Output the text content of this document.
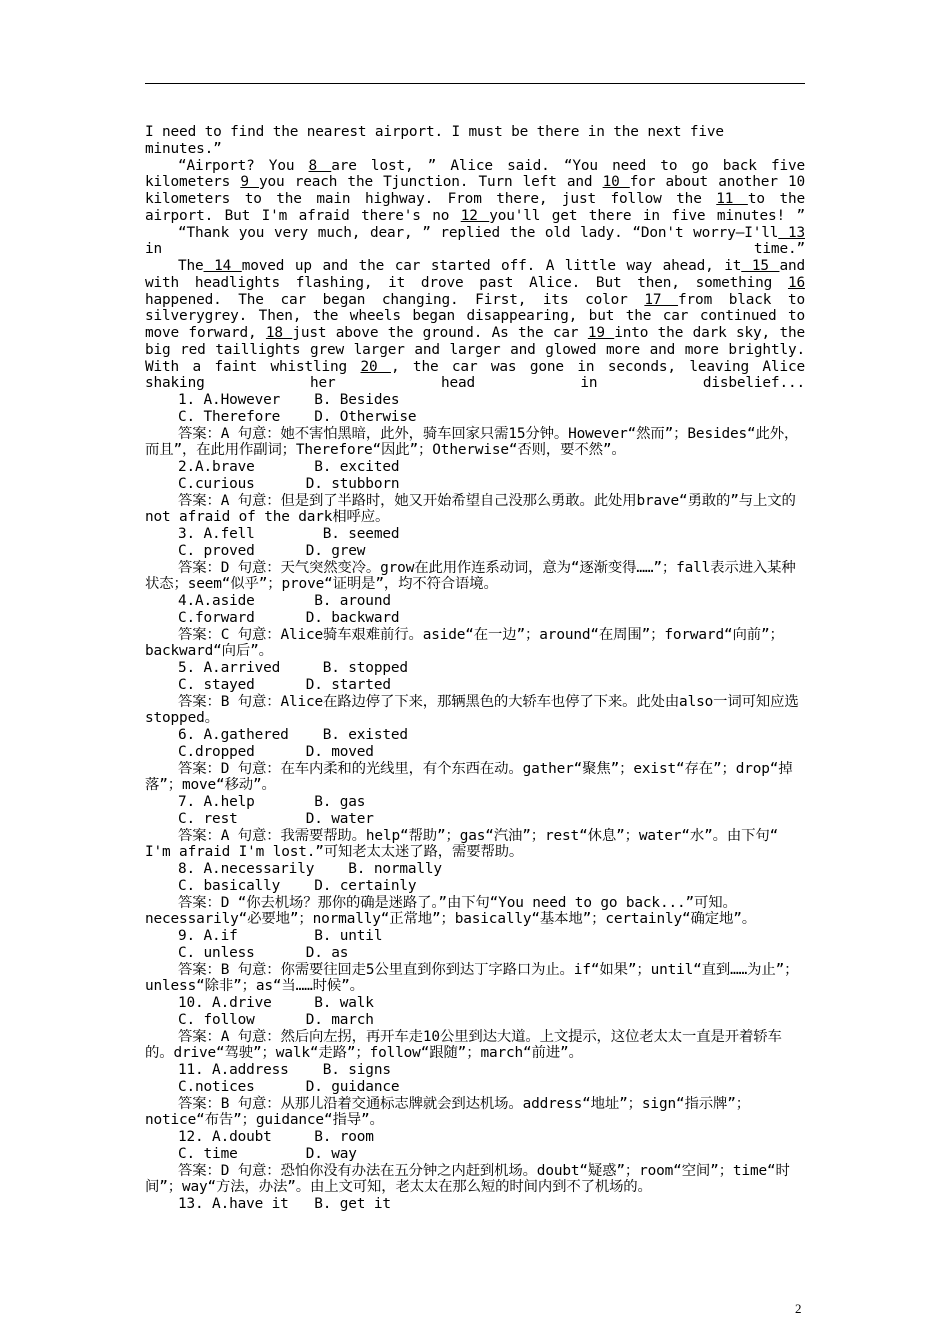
I need to find the nearest airport. I must be there in the next five minutes.”

“Airport? You 8 are lost, ” Alice said. “You need to go back five kilometers 9 you reach the Tjunction. Turn left and 10 for about another 10 kilometers to the main highway. From there, just follow the 11 to the airport. But I'm afraid there's no 12 you'll get there in five minutes! ”

“Thank you very much, dear, ” replied the old lady. “Don't worry—I'll 13 in time.”

The 14 moved up and the car started off. A little way ahead, it 15 and with headlights flashing, it drove past Alice. But then, something 16 happened. The car began changing. First, its color 17 from black to silverygrey. Then, the wheels began disappearing, but the car continued to move forward, 18 just above the ground. As the car 19 into the dark sky, the big red taillights grew larger and larger and glowed more and more brightly. With a faint whistling 20 , the car was gone in seconds, leaving Alice shaking her head in disbelief...

1. A.However    B. Besides

C. Therefore    D. Otherwise

答案：A 句意：她不害怕黑暗，此外，骑车回家只需15分钟。However“然而”；Besides“此外，而且”，在此用作副词；Therefore“因此”；Otherwise“否则，要不然”。

2.A.brave       B. excited

C.curious      D. stubborn

答案：A 句意：但是到了半路时，她又开始希望自己没那么勇敢。此处用brave“勇敢的”与上文的not afraid of the dark相呼应。

3. A.fell        B. seemed

C. proved      D. grew

答案：D 句意：天气突然变冷。grow在此用作连系动词，意为“逐渐变得……”；fall表示进入某种状态；seem“似乎”；prove“证明是”，均不符合语境。

4.A.aside       B. around

C.forward      D. backward

答案：C 句意：Alice骑车艰难前行。aside“在一边”；around“在周围”；forward“向前”；backward“向后”。

5. A.arrived     B. stopped

C. stayed      D. started

答案：B 句意：Alice在路边停了下来，那辆黑色的大轿车也停了下来。此处由also一词可知应选stopped。

6. A.gathered    B. existed

C.dropped      D. moved

答案：D 句意：在车内柔和的光线里，有个东西在动。gather“聚焦”；exist“存在”；drop“掉落”；move“移动”。

7. A.help       B. gas

C. rest        D. water

答案：A 句意：我需要帮助。help“帮助”；gas“汽油”；rest“休息”；water“水”。由下句“ I'm afraid I'm lost.”可知老太太迷了路，需要帮助。

8. A.necessarily    B. normally

C. basically    D. certainly

答案：D “你去机场？那你的确是迷路了。”由下句“You need to go back...”可知。necessarily“必要地”；normally“正常地”；basically“基本地”；certainly“确定地”。

9. A.if         B. until

C. unless      D. as

答案：B 句意：你需要往回走5公里直到你到达丁字路口为止。if“如果”；until“直到……为止”；unless“除非”；as“当……时候”。

10. A.drive     B. walk

C. follow      D. march

答案：A 句意：然后向左拐，再开车走10公里到达大道。上文提示，这位老太太一直是开着轿车的。drive“驾驶”；walk“走路”；follow“跟随”；march“前进”。

11. A.address    B. signs

C.notices      D. guidance

答案：B 句意：从那儿沿着交通标志牌就会到达机场。address“地址”；sign“指示牌”；notice“布告”；guidance“指导”。

12. A.doubt     B. room

C. time        D. way

答案：D 句意：恐怕你没有办法在五分钟之内赶到机场。doubt“疑惑”；room“空间”；time“时间”；way“方法，办法”。由上文可知，老太太在那么短的时间内到不了机场的。

13. A.have it   B. get it

2
